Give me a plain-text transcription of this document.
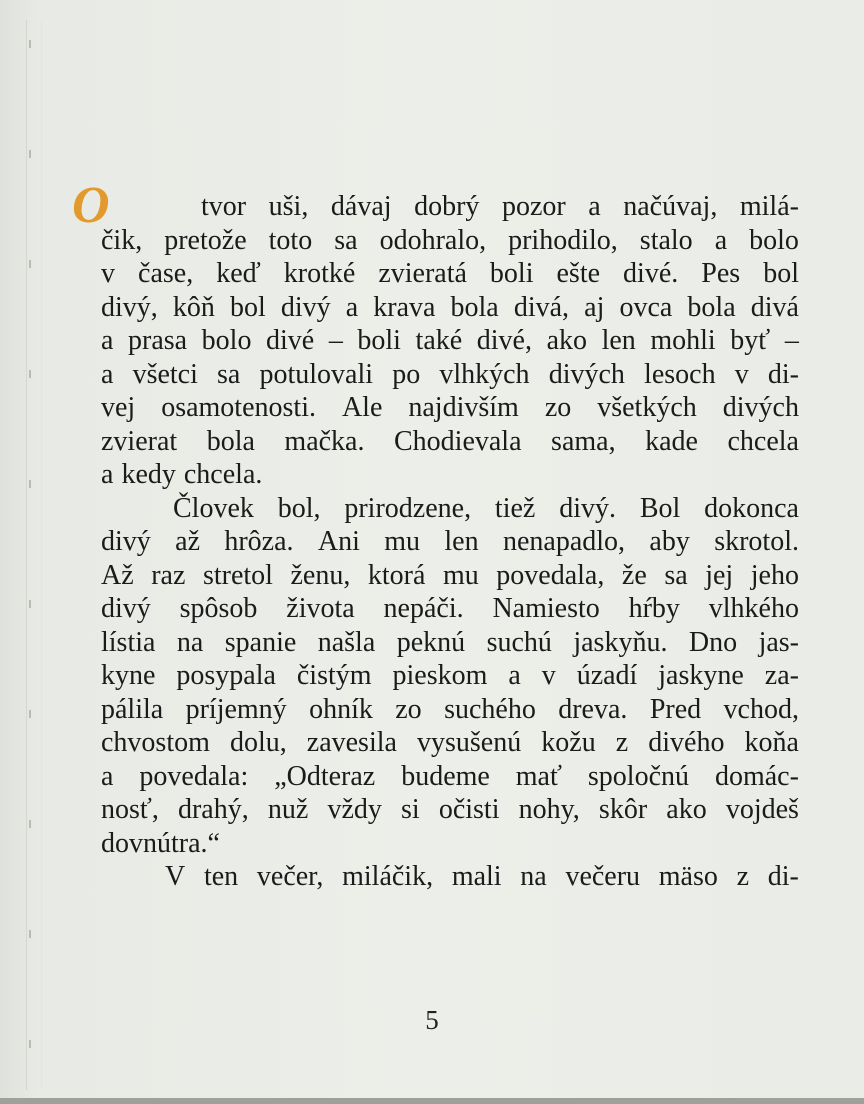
O	tvor uši, dávaj dobrý pozor a načúvaj, milá-
čik, pretože toto sa odohralo, prihodilo, stalo a bolo
v čase, keď krotké zvieratá boli ešte divé. Pes bol
divý, kôň bol divý a krava bola divá, aj ovca bola divá
a prasa bolo divé – boli také divé, ako len mohli byť –
a všetci sa potulovali po vlhkých divých lesoch v di-
vej osamotenosti. Ale najdivším zo všetkých divých
zvierat bola mačka. Chodievala sama, kade chcela
a kedy chcela.
Človek bol, prirodzene, tiež divý. Bol dokonca
divý až hrôza. Ani mu len nenapadlo, aby skrotol.
Až raz stretol ženu, ktorá mu povedala, že sa jej jeho
divý spôsob života nepáči. Namiesto hŕby vlhkého
lístia na spanie našla peknú suchú jaskyňu. Dno jas-
kyne posypala čistým pieskom a v úzadí jaskyne za-
pálila príjemný ohník zo suchého dreva. Pred vchod,
chvostom dolu, zavesila vysušenú kožu z divého koňa
a povedala: „Odteraz budeme mať spoločnú domác-
nosť, drahý, nuž vždy si očisti nohy, skôr ako vojdeš
dovnútra.“
V ten večer, miláčik, mali na večeru mäso z di-
5
